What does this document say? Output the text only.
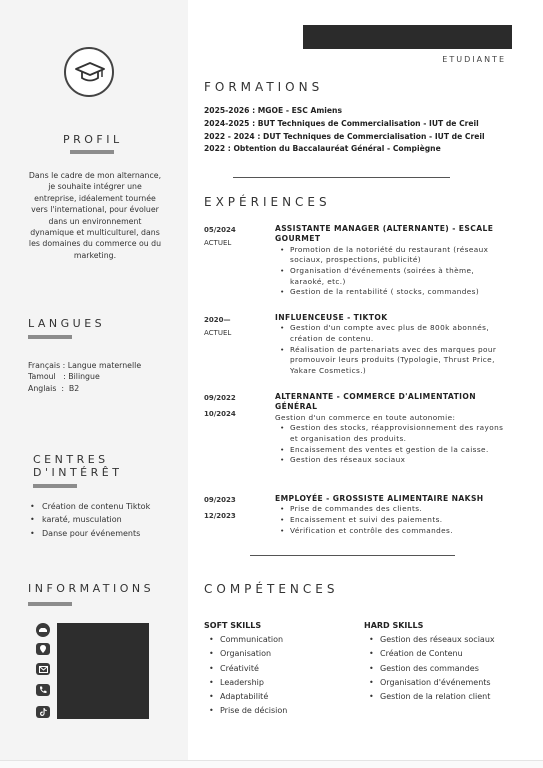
ETUDIANTE
PROFIL
Dans le cadre de mon alternance, je souhaite intégrer une entreprise, idéalement tournée vers l'international, pour évoluer dans un environnement dynamique et multiculturel, dans les domaines du commerce ou du marketing.
LANGUES
Français : Langue maternelle
Tamoul   : Bilingue
Anglais  :  B2
CENTRES
D'INTÉRÊT
• Création de contenu Tiktok
• karaté, musculation
• Danse pour événements
INFORMATIONS
FORMATIONS
2025-2026 : MGOE - ESC Amiens
2024-2025 : BUT Techniques de Commercialisation - IUT de Creil
2022 - 2024 : DUT Techniques de Commercialisation - IUT de Creil
2022 : Obtention du Baccalauréat Général - Compiègne
EXPÉRIENCES
05/2024
ACTUEL
ASSISTANTE MANAGER (ALTERNANTE) - ESCALE GOURMET
• Promotion de la notoriété du restaurant (réseaux sociaux, prospections, publicité)
• Organisation d'événements (soirées à thème, karaoké, etc.)
• Gestion de la rentabilité ( stocks, commandes)
2020—
ACTUEL
INFLUENCEUSE - TIKTOK
• Gestion d'un compte avec plus de 800k abonnés, création de contenu.
• Réalisation de partenariats avec des marques pour promouvoir leurs produits (Typologie, Thrust Price, Yakare Cosmetics.)
09/2022
10/2024
ALTERNANTE - COMMERCE D'ALIMENTATION GÉNÉRAL
Gestion d'un commerce en toute autonomie:
• Gestion des stocks, réapprovisionnement des rayons et organisation des produits.
• Encaissement des ventes et gestion de la caisse.
• Gestion des réseaux sociaux
09/2023
12/2023
EMPLOYÉE - GROSSISTE ALIMENTAIRE NAKSH
• Prise de commandes des clients.
• Encaissement et suivi des paiements.
• Vérification et contrôle des commandes.
COMPÉTENCES
SOFT SKILLS
• Communication
• Organisation
• Créativité
• Leadership
• Adaptabilité
• Prise de décision
HARD SKILLS
• Gestion des réseaux sociaux
• Création de Contenu
• Gestion des commandes
• Organisation d'événements
• Gestion de la relation client
